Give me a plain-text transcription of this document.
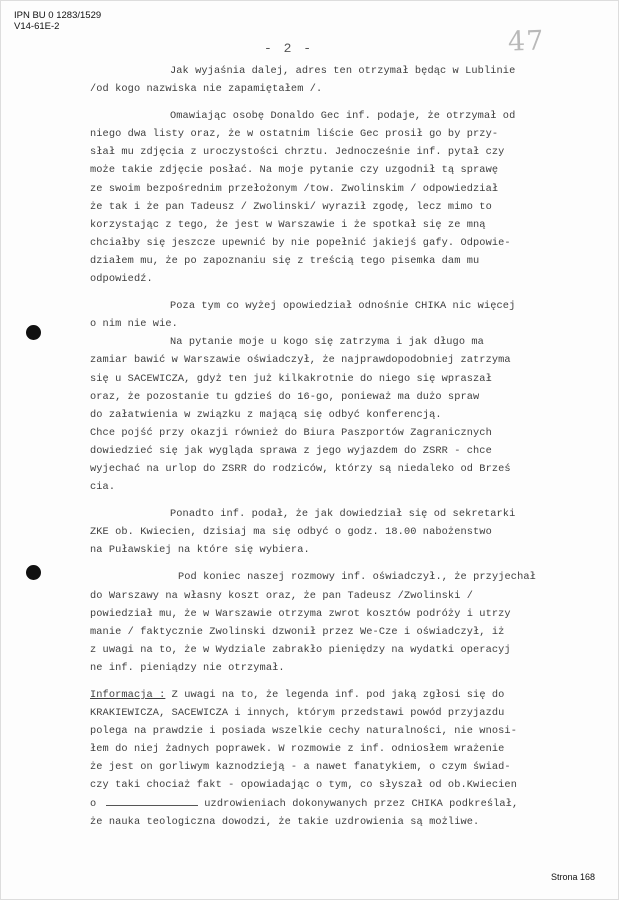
IPN BU 0 1283/1529
V14-61E-2
- 2 -	47
Jak wyjaśnia dalej, adres ten otrzymał będąc w Lublinie
/od kogo nazwiska nie zapamiętałem /.
Omawiając osobę Donaldo Gec inf. podaje, że otrzymał od
niego dwa listy oraz, że w ostatnim liście Gec prosił go by przy-
słał mu zdjęcia z uroczystości chrztu. Jednocześnie inf. pytał czy
może takie zdjęcie posłać. Na moje pytanie czy uzgodnił tą sprawę
ze swoim bezpośrednim przełożonym /tow. Zwolinskim / odpowiedział
że tak i że pan Tadeusz / Zwolinski/ wyraził zgodę, lecz mimo to
korzystając z tego, że jest w Warszawie i że spotkał się ze mną
chciałby się jeszcze upewnić by nie popełnić jakiejś gafy. Odpowie-
działem mu, że po zapoznaniu się z treścią tego pisemka dam mu
odpowiedź.
Poza tym co wyżej opowiedział odnośnie CHIKA nic więcej
o nim nie wie.
Na pytanie moje u kogo się zatrzyma i jak długo ma
zamiar bawić w Warszawie oświadczył, że najprawdopodobniej zatrzyma
się u SACEWICZA, gdyż ten już kilkakrotnie do niego się wpraszał
oraz, że pozostanie tu gdzieś do 16-go, ponieważ ma dużo spraw
do załatwienia w związku z mającą się odbyć konferencją.
Chce pojść przy okazji również do Biura Paszportów Zagranicznych
dowiedzieć się jak wygląda sprawa z jego wyjazdem do ZSRR - chce
wyjechać na urlop do ZSRR do rodziców, którzy są niedaleko od Brześ
cia.
Ponadto inf. podał, że jak dowiedział się od sekretarki
ZKE ob. Kwiecien, dzisiaj ma się odbyć o godz. 18.00 nabożenstwo
na Puławskiej na które się wybiera.
Pod koniec naszej rozmowy inf. oświadczył., że przyjechał
do Warszawy na własny koszt oraz, że pan Tadeusz /Zwolinski /
powiedział mu, że w Warszawie otrzyma zwrot kosztów podróży i utrzy
manie / faktycznie Zwolinski dzwonił przez We-Cze i oświadczył, iż
z uwagi na to, że w Wydziale zabrakło pieniędzy na wydatki operacyj
ne inf. pieniądzy nie otrzymał.
Informacja : Z uwagi na to, że legenda inf. pod jaką zgłosi się do
KRAKIEWICZA, SACEWICZA i innych, którym przedstawi powód przyjazdu
polega na prawdzie i posiada wszelkie cechy naturalności, nie wnosi-
łem do niej żadnych poprawek. W rozmowie z inf. odniosłem wrażenie
że jest on gorliwym kaznodzieją - a nawet fanatykiem, o czym świad-
czy taki chociaż fakt - opowiadając o tym, co słyszał od ob.Kwiecien
o	uzdrowieniach dokonywanych przez CHIKA podkreślał,
że nauka teologiczna dowodzi, że takie uzdrowienia są możliwe.
Strona 168
